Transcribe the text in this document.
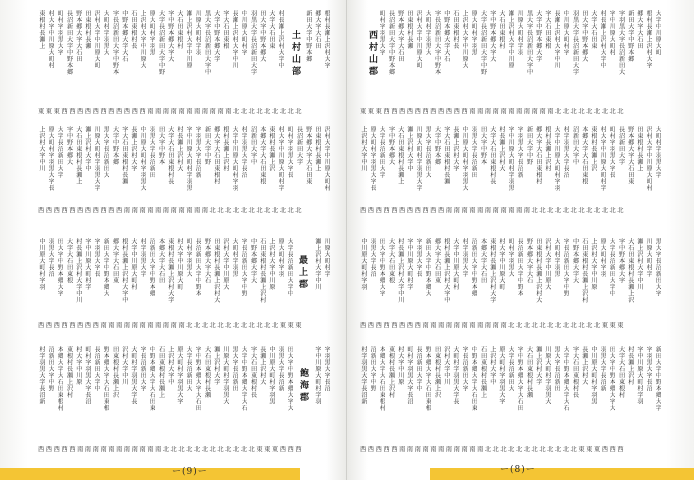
東根村長瀬上 村大字中川原大町村 町村字羽黒大字 長沼新田大字中野本郷 野本郷大字大石田 田東根村長瀬 沢村大字中川原大町 大町村字羽黒大 字長沼新田大字中野本 中野本郷大字大石 石田東根村長 上沢村大字中川原大 原大町村字羽黒 大字長沼新田大字中野 字中野本郷大字大 大石田東根村 瀬上沢村大字中川原 川原大町村字羽 黒大字長沼新田大字中 大字中野本郷大字 字大石田東根 長瀬上沢村大字中川 中川原大町村字 羽黒大字長沼新田大字 田大字中野本郷大 大字大石田東 村長瀬上沢村大字中	新田大字中野本郷 郷大字大石田 根村長瀬上沢村大字
東東東西西西西西西西西西西西南南南南南南南南南南南北北北北北北北北北
上沢村大字中川 原大町村字羽黒大字長 大字長沼新田大字 字中野本郷大 大石田東根村長瀬上 瀬上沢村大字中 川原大町村字羽黒大字 黒大字長沼新田大 大字中野本郷 字大石田東根村長瀬 長瀬上沢村大字 中川原大町村字羽黒大 羽黒大字長沼新田 田大字中野本 大字大石田東根村長 村長瀬上沢村大 字中川原大町村字羽黒 字羽黒大字長沼新 新田大字中野 郷大字大石田東根村 根村長瀬上沢村 大字中川原大町村字羽 村字羽黒大字長沼 沼新田大字中 本郷大字大石田東根 東根村長瀬上沢 村大字中川原大町村字 町村字羽黒大字長 長沼新田大字 野本郷大字大石田東 田東根村長瀬上 沢村大字中川原大町村
西西西西西西西西西西西南南南南南南南南南南南北北北北北北北北北北北北
中川原大町村字羽 羽黒大字長沼 田大字中野本郷大字 大字大石田東根 村長瀬上沢村大字中川 字中川原大町村字 字羽黒大字長 新田大字中野本郷大 郷大字大石田東 根村長瀬上沢村大字中 大字中川原大町村 村字羽黒大字 沼新田大字中野本郷 本郷大字大石田 東根村長瀬上沢村大字 村大字中川原大町 町村字羽黒大 長沼新田大字中野本 野本郷大字大石 田東根村長瀬上沢村大 沢村大字中川原大 大町村字羽黒 字長沼新田大字中野 中野本郷大字大 石田東根村長瀬上沢村 上沢村大字中川原 原大町村字羽 大字長沼新田大字中	瀬上沢村大字中川 川原大町村字
西西西西西西西西南南南南南南南南南南南北北北北北北北北北北北北東東東
村字羽黒大字長沼新 沼新田大字中野 本郷大字大石田東根村 東根村長瀬上沢村 村大字中川原 町村字羽黒大字長沼 長沼新田大字中 野本郷大字大石田東根 田東根村長瀬上沢 沢村大字中川 大町村字羽黒大字長 字長沼新田大字 中野本郷大字大石田東 石田東根村長瀬上 上沢村大字中 原大町村字羽黒大字 大字長沼新田大 字中野本郷大字大石田 大石田東根村長瀬 瀬上沢村大字 川原大町村字羽黒大 黒大字長沼新田 大字中野本郷大字大石 字大石田東根村長 長瀬上沢村大 中川原大町村字羽黒 羽黒大字長沼新 田大字中野本郷大字大	字中川原大町村字羽 字羽黒大字長沼
西西西西西南南南南南南南南南南南北北北北北北北北北北北北東東東西西西
町村字羽黒大字 長沼新田大字中野本郷 野本郷大字大石田 田東根村長瀬 沢村大字中川原大町 大町村字羽黒大 字長沼新田大字中野本 中野本郷大字大石 石田東根村長 上沢村大字中川原大 原大町村字羽黒 大字長沼新田大字中野 字中野本郷大字大 大石田東根村 瀬上沢村大字中川原 川原大町村字羽 黒大字長沼新田大字中 大字中野本郷大字 字大石田東根 長瀬上沢村大字中川 中川原大町村字 羽黒大字長沼新田大字 田大字中野本郷大 大字大石田東 村長瀬上沢村大字中 字中川原大町村 字羽黒大字長沼新田大 新田大字中野本郷 郷大字大石田 根村長瀬上沢村大字 大字中川原大町
東東東西西西西西西西西西西西南南南南南南南南南南南北北北北北北北北北
上沢村大字中川 原大町村字羽黒大字長 大字長沼新田大字 字中野本郷大 大石田東根村長瀬上 瀬上沢村大字中 川原大町村字羽黒大字 黒大字長沼新田大 大字中野本郷 字大石田東根村長瀬 長瀬上沢村大字 中川原大町村字羽黒大 羽黒大字長沼新田 田大字中野本 大字大石田東根村長 村長瀬上沢村大 字中川原大町村字羽黒 字羽黒大字長沼新 新田大字中野 郷大字大石田東根村 根村長瀬上沢村 大字中川原大町村字羽 村字羽黒大字長沼 沼新田大字中 本郷大字大石田東根 東根村長瀬上沢 村大字中川原大町村字 町村字羽黒大字長 長沼新田大字 野本郷大字大石田東 田東根村長瀬上 沢村大字中川原大町村 大町村字羽黒大字
西西西西西西西西西西西南南南南南南南南南南南北北北北北北北北北北北北
中川原大町村字羽 羽黒大字長沼 田大字中野本郷大字 大字大石田東根 村長瀬上沢村大字中川 字中川原大町村字 字羽黒大字長 新田大字中野本郷大 郷大字大石田東 根村長瀬上沢村大字中 大字中川原大町村 村字羽黒大字 沼新田大字中野本郷 本郷大字大石田 東根村長瀬上沢村大字 村大字中川原大町 町村字羽黒大 長沼新田大字中野本 野本郷大字大石 田東根村長瀬上沢村大 沢村大字中川原大 大町村字羽黒 字長沼新田大字中野 中野本郷大字大 石田東根村長瀬上沢村 上沢村大字中川原 原大町村字羽 大字長沼新田大字中 字中野本郷大字 大石田東根村長瀬上沢 瀬上沢村大字中川 川原大町村字 黒大字長沼新田大字
西西西西西西西西南南南南南南南南南南南北北北北北北北北北北北北東東東
村字羽黒大字長沼新 沼新田大字中野 本郷大字大石田東根村 東根村長瀬上沢村 村大字中川原 町村字羽黒大字長沼 長沼新田大字中 野本郷大字大石田東根 田東根村長瀬上沢 沢村大字中川 大町村字羽黒大字長 字長沼新田大字 中野本郷大字大石田東 石田東根村長瀬上 上沢村大字中 原大町村字羽黒大字 大字長沼新田大 字中野本郷大字大石田 大石田東根村長瀬 瀬上沢村大字 川原大町村字羽黒大 黒大字長沼新田 大字中野本郷大字大石 字大石田東根村長 長瀬上沢村大 中川原大町村字羽黒 羽黒大字長沼新 田大字中野本郷大字大 大字大石田東根村 村長瀬上沢村 字中川原大町村字羽 字羽黒大字長沼 新田大字中野本郷大字
西西西西西南南南南南南南南南南南北北北北北北北北北北北北東東東西西西
土村山部
最上郡
飽海郡
西村山郡
ー(9)ー	ー(8)ー
